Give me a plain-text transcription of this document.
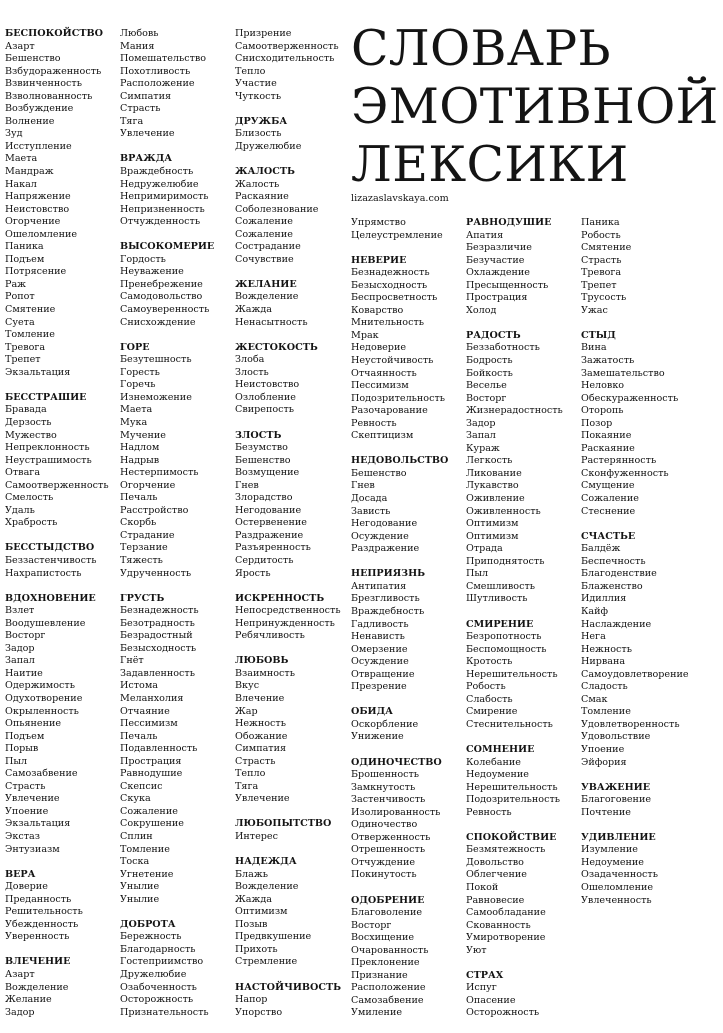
СЛОВАРЬ
ЭМОТИВНОЙ
ЛЕКСИКИ
lizazaslavskaya.com
БЕСПОКОЙСТВО
Азарт
Бешенство
Взбудораженность
Взвинченность
Взволнованность
Возбуждение
Волнение
Зуд
Исступление
Маета
Мандраж
Накал
Напряжение
Неистовство
Огорчение
Ошеломление
Паника
Подъем
Потрясение
Раж
Ропот
Смятение
Суета
Томление
Тревога
Трепет
Экзальтация
БЕССТРАШИЕ
Бравада
Дерзость
Мужество
Непреклонность
Неустрашимость
Отвага
Самоотверженность
Смелость
Удаль
Храбрость
БЕССТЫДСТВО
Беззастенчивость
Нахрапистость
ВДОХНОВЕНИЕ
Взлет
Воодушевление
Восторг
Задор
Запал
Наитие
Одержимость
Одухотворение
Окрыленность
Опьянение
Подъем
Порыв
Пыл
Самозабвение
Страсть
Увлечение
Упоение
Экзальтация
Экстаз
Энтузиазм
ВЕРА
Доверие
Преданность
Решительность
Убежденность
Уверенность
ВЛЕЧЕНИЕ
Азарт
Вожделение
Желание
Задор
Любовь
Мания
Помешательство
Похотливость
Расположение
Симпатия
Страсть
Тяга
Увлечение
ВРАЖДА
Враждебность
Недружелюбие
Непримиримость
Непризненность
Отчужденность
ВЫСОКОМЕРИЕ
Гордость
Неуважение
Пренебрежение
Самодовольство
Самоуверенность
Снисхождение
ГОРЕ
Безутешность
Горесть
Горечь
Изнеможение
Маета
Мука
Мучение
Надлом
Надрыв
Нестерпимость
Огорчение
Печаль
Расстройство
Скорбь
Страдание
Терзание
Тяжесть
Удрученность
ГРУСТЬ
Безнадежность
Безотрадность
Безрадостный
Безысходность
Гнёт
Задавленность
Истома
Меланхолия
Отчаяние
Пессимизм
Печаль
Подавленность
Прострация
Равнодушие
Скепсис
Скука
Сожаление
Сокрушение
Сплин
Томление
Тоска
Угнетение
Унылие
Унылие
ДОБРОТА
Бережность
Благодарность
Гостеприимство
Дружелюбие
Озабоченность
Осторожность
Признательность
Призрение
Самоотверженность
Снисходительность
Тепло
Участие
Чуткость
ДРУЖБА
Близость
Дружелюбие
ЖАЛОСТЬ
Жалость
Раскаяние
Соболезнование
Сожаление
Сожаление
Сострадание
Сочувствие
ЖЕЛАНИЕ
Вожделение
Жажда
Ненасытность
ЖЕСТОКОСТЬ
Злоба
Злость
Неистовство
Озлобление
Свирепость
ЗЛОСТЬ
Безумство
Бешенство
Возмущение
Гнев
Злорадство
Негодование
Остервенение
Раздражение
Разъяренность
Сердитость
Ярость
ИСКРЕННОСТЬ
Непосредственность
Непринужденность
Ребячливость
ЛЮБОВЬ
Взаимность
Вкус
Влечение
Жар
Нежность
Обожание
Симпатия
Страсть
Тепло
Тяга
Увлечение
ЛЮБОПЫТСТВО
Интерес
НАДЕЖДА
Блажь
Вожделение
Жажда
Оптимизм
Позыв
Предвкушение
Прихоть
Стремление
НАСТОЙЧИВОСТЬ
Напор
Упорство
Упрямство
Целеустремление
НЕВЕРИЕ
Безнадежность
Безысходность
Беспросветность
Коварство
Мнительность
Мрак
Недоверие
Неустойчивость
Отчаянность
Пессимизм
Подозрительность
Разочарование
Ревность
Скептицизм
НЕДОВОЛЬСТВО
Бешенство
Гнев
Досада
Зависть
Негодование
Осуждение
Раздражение
НЕПРИЯЗНЬ
Антипатия
Брезгливость
Враждебность
Гадливость
Ненависть
Омерзение
Осуждение
Отвращение
Презрение
ОБИДА
Оскорбление
Унижение
ОДИНОЧЕСТВО
Брошенность
Замкнутость
Застенчивость
Изолированность
Одиночество
Отверженность
Отрешенность
Отчуждение
Покинутость
ОДОБРЕНИЕ
Благоволение
Восторг
Восхищение
Очарованность
Преклонение
Признание
Расположение
Самозабвение
Умиление
РАВНОДУШИЕ
Апатия
Безразличие
Безучастие
Охлаждение
Пресыщенность
Прострация
Холод
РАДОСТЬ
Беззаботность
Бодрость
Бойкость
Веселье
Восторг
Жизнерадостность
Задор
Запал
Кураж
Легкость
Ликование
Лукавство
Оживление
Оживленность
Оптимизм
Оптимизм
Отрада
Приподнятость
Пыл
Смешливость
Шутливость
СМИРЕНИЕ
Безропотность
Беспомощность
Кротость
Нерешительность
Робость
Слабость
Смирение
Стеснительность
СОМНЕНИЕ
Колебание
Недоумение
Нерешительность
Подозрительность
Ревность
СПОКОЙСТВИЕ
Безмятежность
Довольство
Облегчение
Покой
Равновесие
Самообладание
Скованность
Умиротворение
Уют
СТРАХ
Испуг
Опасение
Осторожность
Паника
Робость
Смятение
Страсть
Тревога
Трепет
Трусость
Ужас
СТЫД
Вина
Зажатость
Замешательство
Неловко
Обескураженность
Оторопь
Позор
Покаяние
Раскаяние
Растерянность
Сконфуженность
Смущение
Сожаление
Стеснение
СЧАСТЬЕ
Балдёж
Беспечность
Благоденствие
Блаженство
Идиллия
Кайф
Наслаждение
Нега
Нежность
Нирвана
Самоудовлетворение
Сладость
Смак
Томление
Удовлетворенность
Удовольствие
Упоение
Эйфория
УВАЖЕНИЕ
Благоговение
Почтение
УДИВЛЕНИЕ
Изумление
Недоумение
Озадаченность
Ошеломление
Увлеченность
